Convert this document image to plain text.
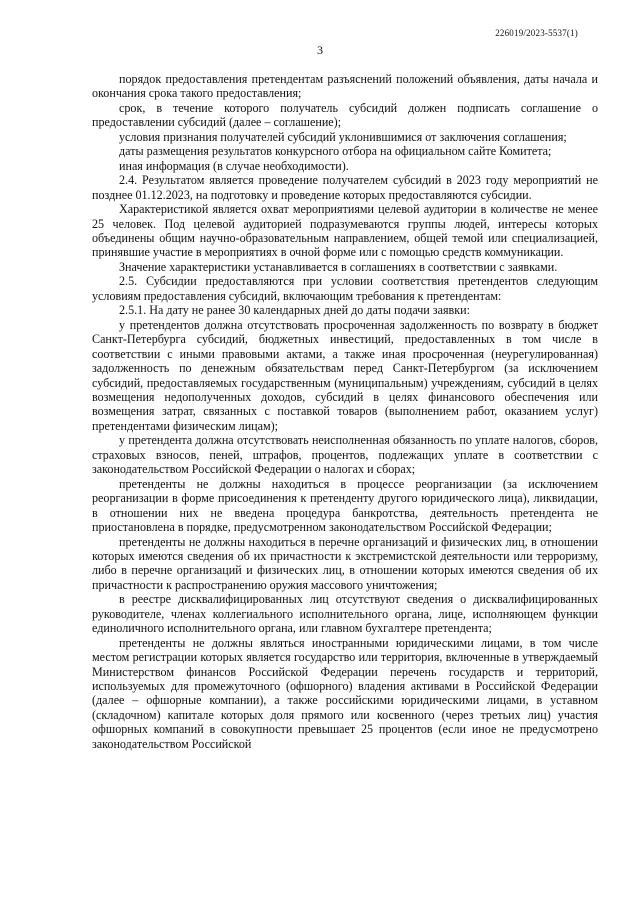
226019/2023-5537(1)
3

порядок предоставления претендентам разъяснений положений объявления, даты начала и окончания срока такого предоставления;

срок, в течение которого получатель субсидий должен подписать соглашение о предоставлении субсидий (далее – соглашение);

условия признания получателей субсидий уклонившимися от заключения соглашения;

даты размещения результатов конкурсного отбора на официальном сайте Комитета;

иная информация (в случае необходимости).

2.4. Результатом является проведение получателем субсидий в 2023 году мероприятий не позднее 01.12.2023, на подготовку и проведение которых предоставляются субсидии.

Характеристикой является охват мероприятиями целевой аудитории в количестве не менее 25 человек. Под целевой аудиторией подразумеваются группы людей, интересы которых объединены общим научно-образовательным направлением, общей темой или специализацией, принявшие участие в мероприятиях в очной форме или с помощью средств коммуникации.

Значение характеристики устанавливается в соглашениях в соответствии с заявками.

2.5. Субсидии предоставляются при условии соответствия претендентов следующим условиям предоставления субсидий, включающим требования к претендентам:

2.5.1. На дату не ранее 30 календарных дней до даты подачи заявки:

у претендентов должна отсутствовать просроченная задолженность по возврату в бюджет Санкт-Петербурга субсидий, бюджетных инвестиций, предоставленных в том числе в соответствии с иными правовыми актами, а также иная просроченная (неурегулированная) задолженность по денежным обязательствам перед Санкт-Петербургом (за исключением субсидий, предоставляемых государственным (муниципальным) учреждениям, субсидий в целях возмещения недополученных доходов, субсидий в целях финансового обеспечения или возмещения затрат, связанных с поставкой товаров (выполнением работ, оказанием услуг) претендентами физическим лицам);

у претендента должна отсутствовать неисполненная обязанность по уплате налогов, сборов, страховых взносов, пеней, штрафов, процентов, подлежащих уплате в соответствии с законодательством Российской Федерации о налогах и сборах;

претенденты не должны находиться в процессе реорганизации (за исключением реорганизации в форме присоединения к претенденту другого юридического лица), ликвидации, в отношении них не введена процедура банкротства, деятельность претендента не приостановлена в порядке, предусмотренном законодательством Российской Федерации;

претенденты не должны находиться в перечне организаций и физических лиц, в отношении которых имеются сведения об их причастности к экстремистской деятельности или терроризму, либо в перечне организаций и физических лиц, в отношении которых имеются сведения об их причастности к распространению оружия массового уничтожения;

в реестре дисквалифицированных лиц отсутствуют сведения о дисквалифицированных руководителе, членах коллегиального исполнительного органа, лице, исполняющем функции единоличного исполнительного органа, или главном бухгалтере претендента;

претенденты не должны являться иностранными юридическими лицами, в том числе местом регистрации которых является государство или территория, включенные в утверждаемый Министерством финансов Российской Федерации перечень государств и территорий, используемых для промежуточного (офшорного) владения активами в Российской Федерации (далее – офшорные компании), а также российскими юридическими лицами, в уставном (складочном) капитале которых доля прямого или косвенного (через третьих лиц) участия офшорных компаний в совокупности превышает 25 процентов (если иное не предусмотрено законодательством Российской
